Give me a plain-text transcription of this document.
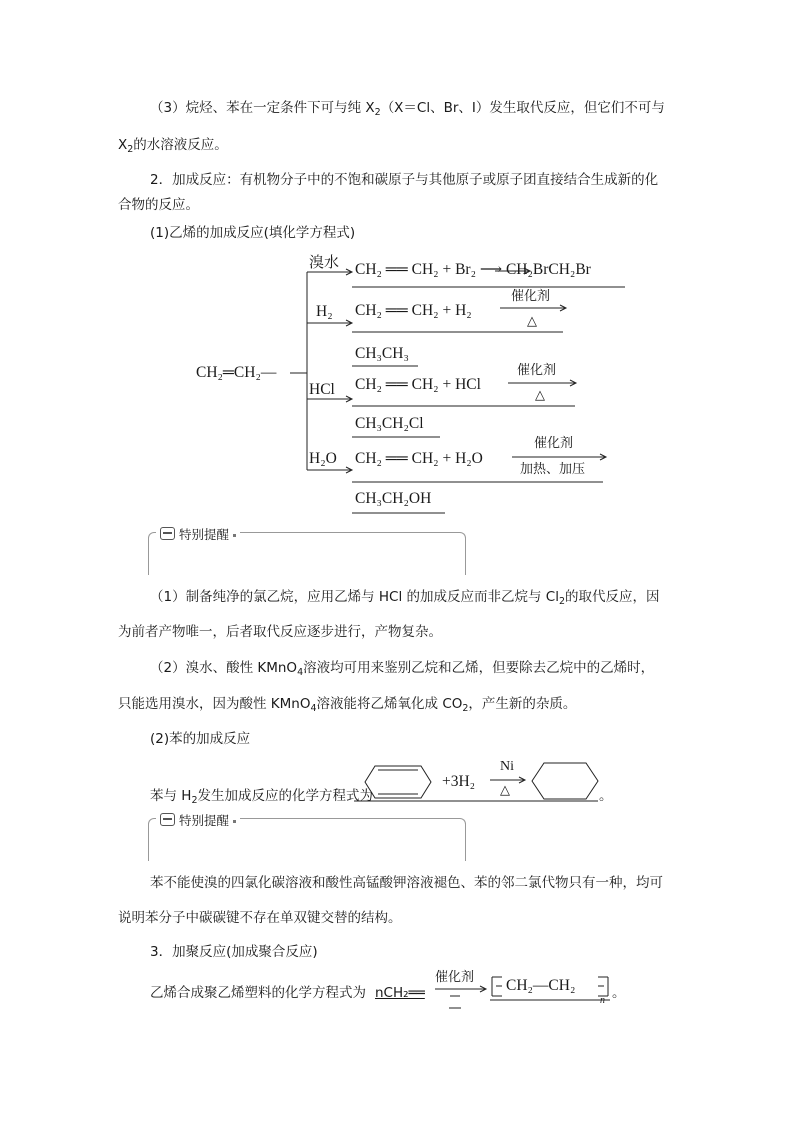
（3）烷烃、苯在一定条件下可与纯 $X_2(X=Cl$、Br、I）发生取代反应，但它们不可与
$X_2$的水溶液反应。
2．加成反应：有机物分子中的不饱和碳原子与其他原子或原子团直接结合生成新的化
合物的反应。
(1)乙烯的加成反应(填化学方程式)
CH₂═CH₂—
溴水 CH₂ ══ CH₂ + Br₂ ⟶ CH₂BrCH₂Br
H₂ CH₂ ══ CH₂ + H₂
催化剂
△
CH₃CH₃
HCl CH₂ ══ CH₂ + HCl
催化剂
△
CH₃CH₂Cl
H₂O CH₂ ══ CH₂ + H₂O
催化剂
加热、加压
CH₃CH₂OH
特别提醒
（1）制备纯净的氯乙烷，应用乙烯与 HCl 的加成反应而非乙烷与 $Cl_2$的取代反应，因
为前者产物唯一，后者取代反应逐步进行，产物复杂。
（2）溴水、酸性 KMnO$_4$溶液均可用来鉴别乙烷和乙烯，但要除去乙烷中的乙烯时，
只能选用溴水，因为酸性 KMnO$_4$溶液能将乙烯氧化成 $CO_2$，产生新的杂质。
(2)苯的加成反应
苯与 $H_2$发生加成反应的化学方程式为
+3H₂
Ni
△	。
特别提醒
苯不能使溴的四氯化碳溶液和酸性高锰酸钾溶液褪色、苯的邻二氯代物只有一种，均可
说明苯分子中碳碳键不存在单双键交替的结构。
3．加聚反应(加成聚合反应)
乙烯合成聚乙烯塑料的化学方程式为 nCH₂══
催化剂 CH₂—CH₂
n 。
